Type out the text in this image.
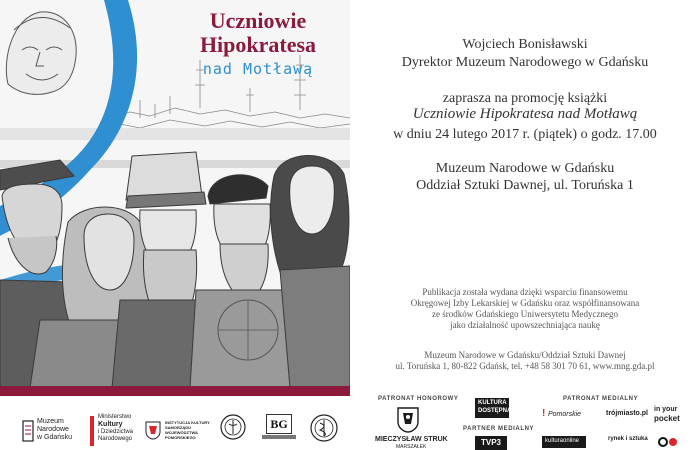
Uczniowie
Hipokratesa
nad Motławą
Wojciech Bonisławski
Dyrektor Muzeum Narodowego w Gdańsku
zaprasza na promocję książki
Uczniowie Hipokratesa nad Motławą
w dniu 24 lutego 2017 r. (piątek) o godz. 17.00
Muzeum Narodowe w Gdańsku
Oddział Sztuki Dawnej, ul. Toruńska 1
Publikacja została wydana dzięki wsparciu finansowemu
Okręgowej Izby Lekarskiej w Gdańsku oraz współfinansowana
ze środków Gdańskiego Uniwersytetu Medycznego
jako działalność upowszechniająca naukę
Muzeum Narodowe w Gdańsku/Oddział Sztuki Dawnej
ul. Toruńska 1, 80-822 Gdańsk, tel. +48 58 301 70 61, www.mng.gda.pl
Muzeum
Narodowe
w Gdańsku
Ministerstwo
Kultury
i Dziedzictwa
Narodowego
INSTYTUCJA KULTURY
SAMORZĄDU
WOJEWÓDZTWA
POMORSKIEGO
BG
PATRONAT HONOROWY
MIECZYSŁAW STRUK
MARSZAŁEK
KULTURA
DOSTĘPNA
PARTNER MEDIALNY
TVP3
PATRONAT MEDIALNY
! Pomorskie	trójmiasto.pl
in your
pocket
kulturaonline	rynek i sztuka
